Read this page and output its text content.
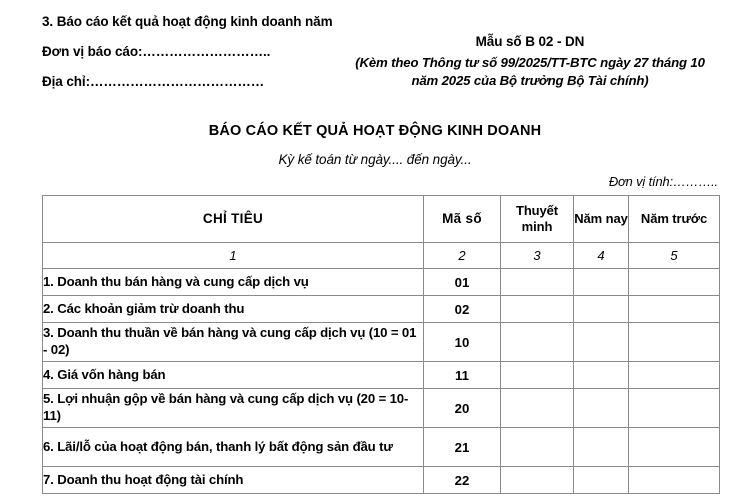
3. Báo cáo kết quả hoạt động kinh doanh năm
Đơn vị báo cáo:………………………..
Địa chỉ:…………………………………
Mẫu số B 02 - DN
(Kèm theo Thông tư số 99/2025/TT-BTC ngày 27 tháng 10
năm 2025 của Bộ trưởng Bộ Tài chính)
BÁO CÁO KẾT QUẢ HOẠT ĐỘNG KINH DOANH
Kỳ kế toán từ ngày.... đến ngày...
Đơn vị tính:………..
CHỈ TIÊU	Mã số	Thuyết minh	Năm nay	Năm trước
1	2	3	4	5
1. Doanh thu bán hàng và cung cấp dịch vụ	01			
2. Các khoản giảm trừ doanh thu	02			
3. Doanh thu thuần về bán hàng và cung cấp dịch vụ (10 = 01 - 02)	10			
4. Giá vốn hàng bán	11			
5. Lợi nhuận gộp về bán hàng và cung cấp dịch vụ (20 = 10-11)	20			
6. Lãi/lỗ của hoạt động bán, thanh lý bất động sản đầu tư	21			
7. Doanh thu hoạt động tài chính	22			
